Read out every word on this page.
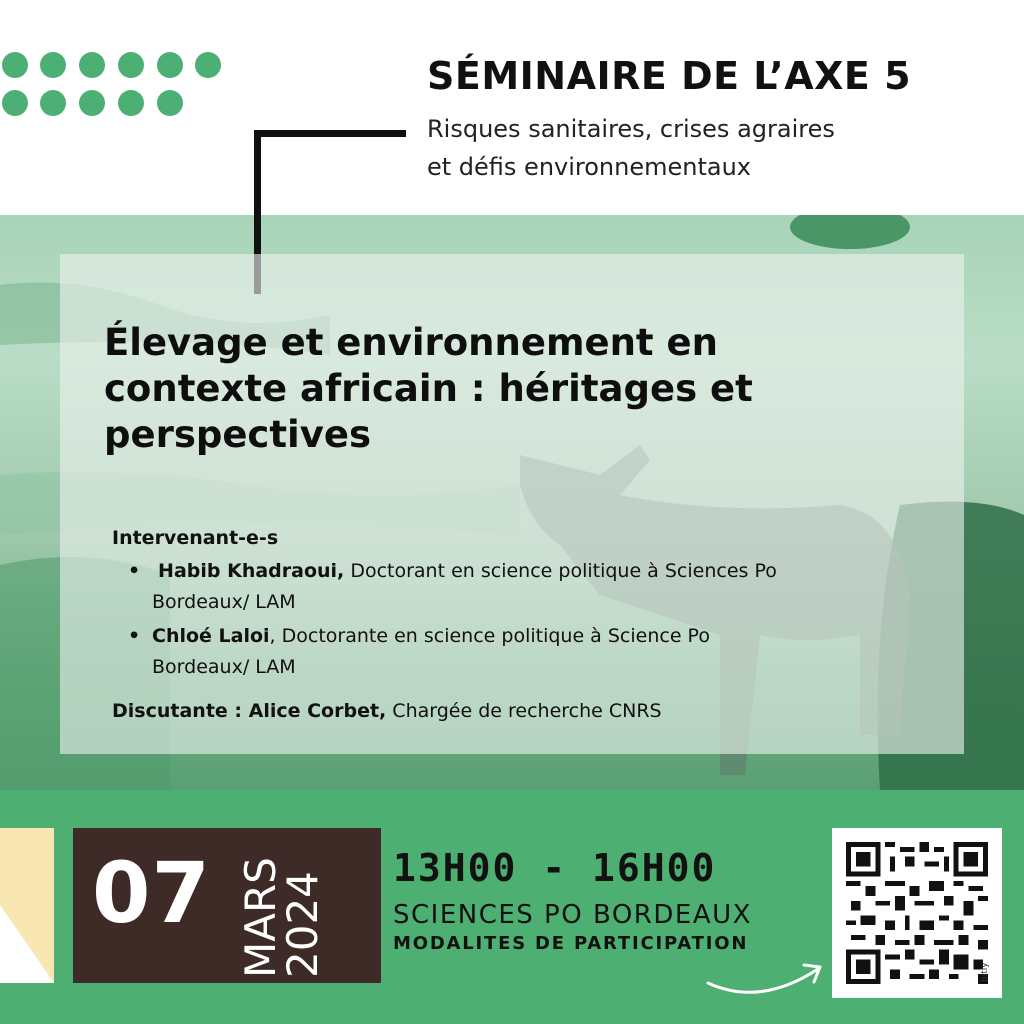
SÉMINAIRE DE L’AXE 5
Risques sanitaires, crises agraires
et défis environnementaux
Élevage et environnement en
contexte africain : héritages et
perspectives
Intervenant-e-s
• Habib Khadraoui, Doctorant en science politique à Sciences Po
Bordeaux/ LAM
• Chloé Laloi, Doctorante en science politique à Science Po
Bordeaux/ LAM
Discutante : Alice Corbet, Chargée de recherche CNRS
07 MARS
2024
13H00 - 16H00
SCIENCES PO BORDEAUX
MODALITES DE PARTICIPATION
bitly
